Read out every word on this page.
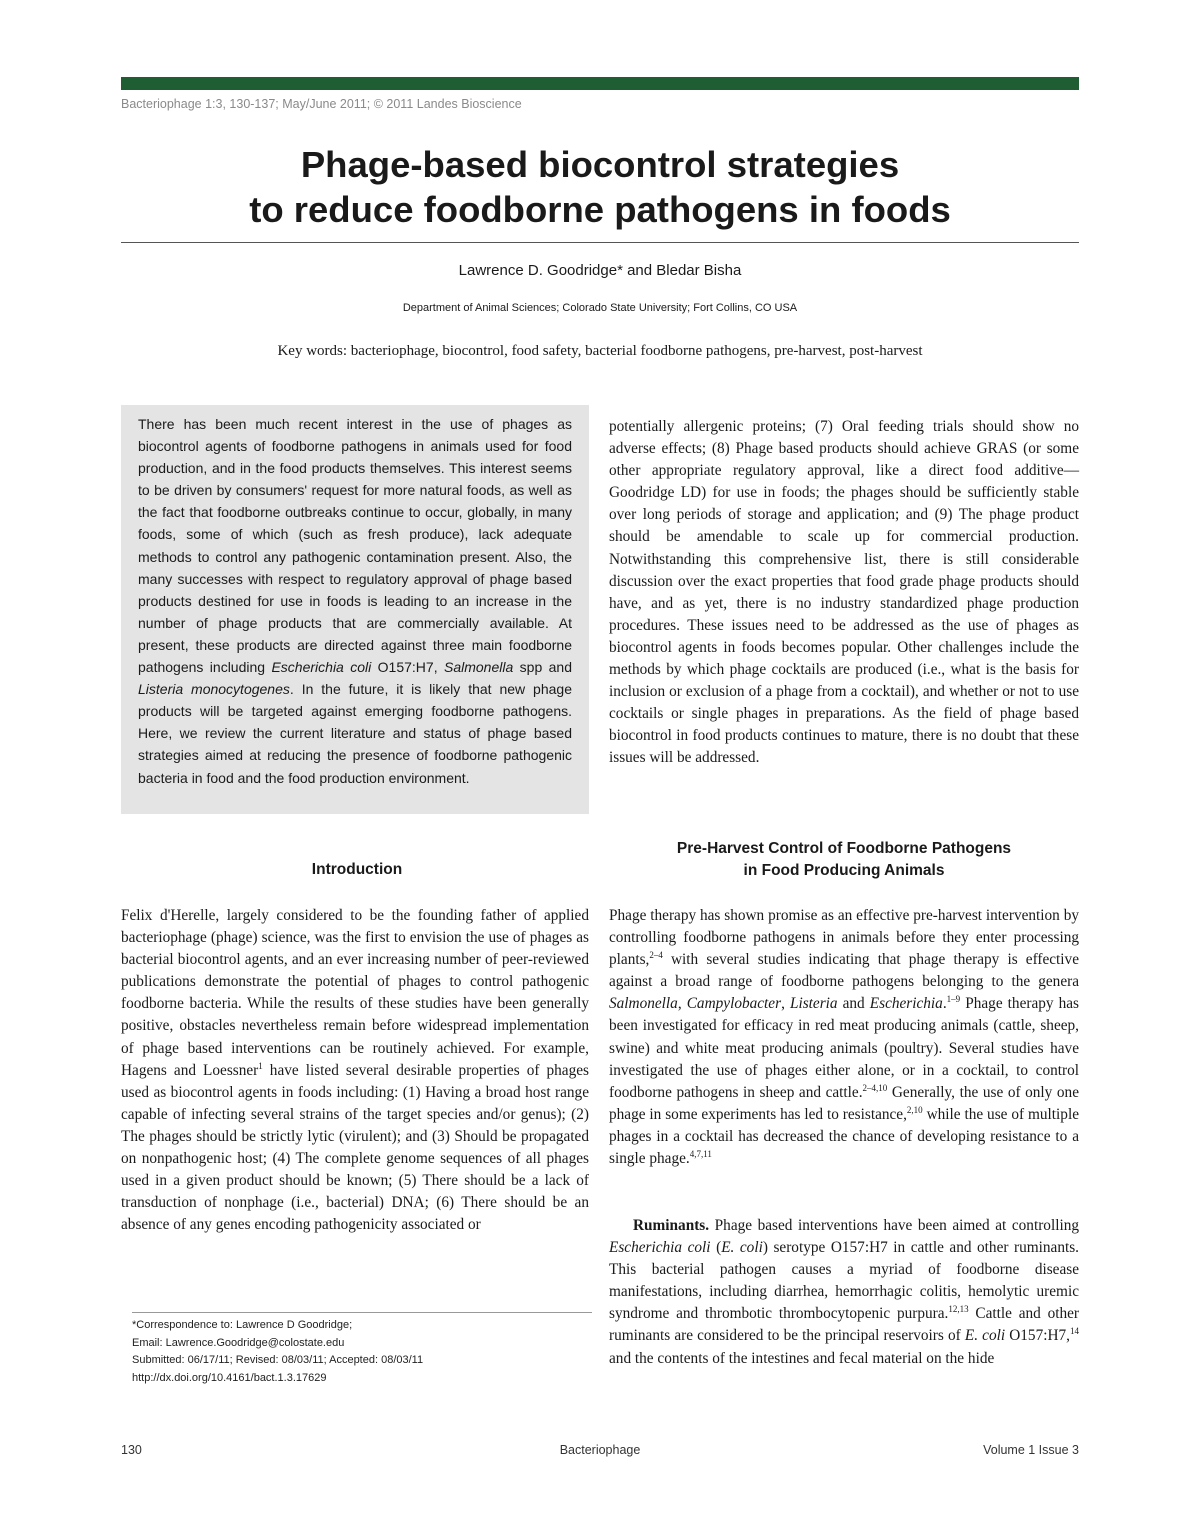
Bacteriophage 1:3, 130-137; May/June 2011; © 2011 Landes Bioscience
Phage-based biocontrol strategies
to reduce foodborne pathogens in foods
Lawrence D. Goodridge* and Bledar Bisha
Department of Animal Sciences; Colorado State University; Fort Collins, CO USA
Key words: bacteriophage, biocontrol, food safety, bacterial foodborne pathogens, pre-harvest, post-harvest

There has been much recent interest in the use of phages as biocontrol agents of foodborne pathogens in animals used for food production, and in the food products themselves. This interest seems to be driven by consumers' request for more natural foods, as well as the fact that foodborne outbreaks continue to occur, globally, in many foods, some of which (such as fresh produce), lack adequate methods to control any pathogenic contamination present. Also, the many successes with respect to regulatory approval of phage based products destined for use in foods is leading to an increase in the number of phage products that are commercially available. At present, these products are directed against three main foodborne pathogens including Escherichia coli O157:H7, Salmonella spp and Listeria monocytogenes. In the future, it is likely that new phage products will be targeted against emerging foodborne pathogens. Here, we review the current literature and status of phage based strategies aimed at reducing the presence of foodborne pathogenic bacteria in food and the food production environment.

Introduction

Felix d'Herelle, largely considered to be the founding father of applied bacteriophage (phage) science, was the first to envision the use of phages as bacterial biocontrol agents, and an ever increasing number of peer-reviewed publications demonstrate the potential of phages to control pathogenic foodborne bacteria. While the results of these studies have been generally positive, obstacles nevertheless remain before widespread implementation of phage based interventions can be routinely achieved. For example, Hagens and Loessner$^1$ have listed several desirable properties of phages used as biocontrol agents in foods including: (1) Having a broad host range capable of infecting several strains of the target species and/or genus); (2) The phages should be strictly lytic (virulent); and (3) Should be propagated on nonpathogenic host; (4) The complete genome sequences of all phages used in a given product should be known; (5) There should be a lack of transduction of nonphage (i.e., bacterial) DNA; (6) There should be an absence of any genes encoding pathogenicity associated or

potentially allergenic proteins; (7) Oral feeding trials should show no adverse effects; (8) Phage based products should achieve GRAS (or some other appropriate regulatory approval, like a direct food additive—Goodridge LD) for use in foods; the phages should be sufficiently stable over long periods of storage and application; and (9) The phage product should be amendable to scale up for commercial production. Notwithstanding this comprehensive list, there is still considerable discussion over the exact properties that food grade phage products should have, and as yet, there is no industry standardized phage production procedures. These issues need to be addressed as the use of phages as biocontrol agents in foods becomes popular. Other challenges include the methods by which phage cocktails are produced (i.e., what is the basis for inclusion or exclusion of a phage from a cocktail), and whether or not to use cocktails or single phages in preparations. As the field of phage based biocontrol in food products continues to mature, there is no doubt that these issues will be addressed.

Pre-Harvest Control of Foodborne Pathogens
in Food Producing Animals

Phage therapy has shown promise as an effective pre-harvest intervention by controlling foodborne pathogens in animals before they enter processing plants,$^{2-4}$ with several studies indicating that phage therapy is effective against a broad range of foodborne pathogens belonging to the genera Salmonella, Campylobacter, Listeria and Escherichia.$^{1-9}$ Phage therapy has been investigated for efficacy in red meat producing animals (cattle, sheep, swine) and white meat producing animals (poultry). Several studies have investigated the use of phages either alone, or in a cocktail, to control foodborne pathogens in sheep and cattle.$^{2-4,10}$ Generally, the use of only one phage in some experiments has led to resistance,$^{2,10}$ while the use of multiple phages in a cocktail has decreased the chance of developing resistance to a single phage.$^{4,7,11}$

Ruminants. Phage based interventions have been aimed at controlling Escherichia coli (E. coli) serotype O157:H7 in cattle and other ruminants. This bacterial pathogen causes a myriad of foodborne disease manifestations, including diarrhea, hemorrhagic colitis, hemolytic uremic syndrome and thrombotic thrombocytopenic purpura.$^{12,13}$ Cattle and other ruminants are considered to be the principal reservoirs of E. coli O157:H7,14 and the contents of the intestines and fecal material on the hide

*Correspondence to: Lawrence D Goodridge;
Email: Lawrence.Goodridge@colostate.edu
Submitted: 06/17/11; Revised: 08/03/11; Accepted: 08/03/11
http://dx.doi.org/10.4161/bact.1.3.17629
130	Bacteriophage	Volume 1 Issue 3
